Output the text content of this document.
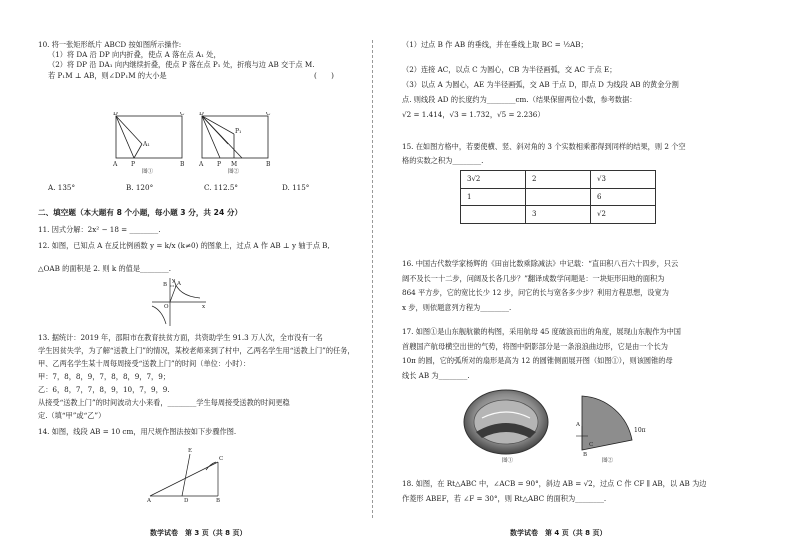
10. 将一张矩形纸片 ABCD 按如图所示操作:
（1）将 DA 沿 DP 向内折叠，使点 A 落在点 A₁ 处，
（2）将 DP 沿 DA₁ 向内继续折叠，使点 P 落在点 P₁ 处，折痕与边 AB 交于点 M.
若 P₁M ⊥ AB，则∠DP₁M 的大小是	(　　)
D	C
A P	B
A₁
D	C
A P M	B
P₁
图①	图②
A. 135°	B. 120°	C. 112.5°	D. 115°
二、填空题（本大题有 8 个小题，每小题 3 分，共 24 分）
11. 因式分解：2x² − 18 = ________.
12. 如图，已知点 A 在反比例函数 y = k/x (k≠0) 的图象上，过点 A 作 AB ⊥ y 轴于点 B,
△OAB 的面积是 2. 则 k 的值是________.
B A
O	x
y
13. 据统计：2019 年，邵阳市在教育扶贫方面，共资助学生 91.3 万人次，全市没有一名
学生因贫失学，为了解“送教上门”的情况，某校老师来到了村中，乙两名学生用“送教上门”的任务，
甲、乙两名学生某十周每周接受“送教上门”的时间（单位：小时）：
甲：7，8，8，9，7，8，8，9，7，9；
乙：6，8，7，7，8，9，10，7，9，9.
从接受“送教上门”的时间波动大小来看，________学生每周接受送教的时间更稳
定.（填“甲”或“乙”）
14. 如图，线段 AB = 10 cm，用尺规作图法按如下步骤作图.
A	D	B
C
E
数学试卷　第 3 页（共 8 页）
（1）过点 B 作 AB 的垂线，并在垂线上取 BC = ½AB；
（2）连接 AC，以点 C 为圆心，CB 为半径画弧，交 AC 于点 E；
（3）以点 A 为圆心，AE 为半径画弧，交 AB 于点 D，即点 D 为线段 AB 的黄金分割
点. 则线段 AD 的长度约为________cm.（结果保留两位小数，参考数据：
√2 = 1.414，√3 = 1.732，√5 = 2.236）
15. 在如图方格中，若要使横、竖、斜对角的 3 个实数相乘都得到同样的结果，则 2 个空
格的实数之积为________.
3√2	2	√3
1		6
	3	√2
16. 中国古代数学家杨辉的《田亩比数乘除减法》中记载：“直田积八百六十四步，只云
阔不及长一十二步，问阔及长各几步？”翻译成数学问题是：一块矩形田地的面积为
864 平方步，它的宽比长少 12 步，问它的长与宽各多少步？利用方程思想，设宽为
x 步，则依题意列方程为________.
17. 如图①是山东舰航徽的构图，采用航母 45 度破浪而出的角度，展现山东舰作为中国
首艘国产航母横空出世的气势，将图中阴影部分是一条浪浪曲边形，它是由一个长为
10π 的圆，它的弧所对的扇形是高为 12 的圆锥侧面展开图（如图①），则该圆锥的母
线长 AB 为________.
图①
10π
A
B
C
图②
18. 如图，在 Rt△ABC 中，∠ACB = 90°，斜边 AB = √2，过点 C 作 CF ∥ AB，以 AB 为边
作菱形 ABEF，若 ∠F = 30°，则 Rt△ABC 的面积为________.
数学试卷　第 4 页（共 8 页）
